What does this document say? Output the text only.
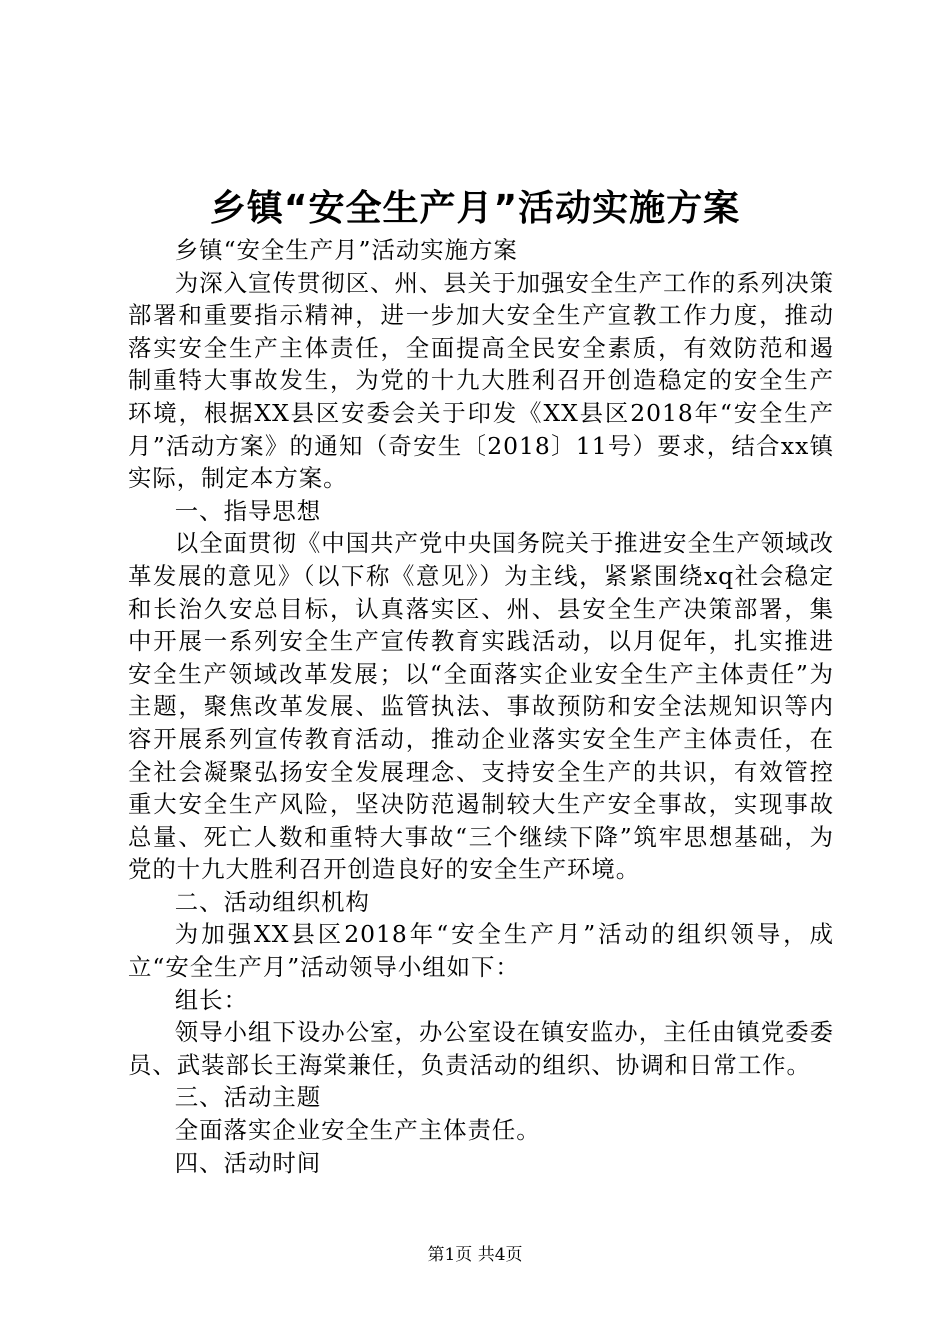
乡镇“安全生产月”活动实施方案

乡镇“安全生产月”活动实施方案

为深入宣传贯彻区、州、县关于加强安全生产工作的系列决策部署和重要指示精神，进一步加大安全生产宣教工作力度，推动落实安全生产主体责任，全面提高全民安全素质，有效防范和遏制重特大事故发生，为党的十九大胜利召开创造稳定的安全生产环境，根据XX县区安委会关于印发《XX县区2018年“安全生产月”活动方案》的通知（奇安生〔2018〕11号）要求，结合xx镇实际，制定本方案。

一、指导思想

以全面贯彻《中国共产党中央国务院关于推进安全生产领域改革发展的意见》（以下称《意见》）为主线，紧紧围绕xq社会稳定和长治久安总目标，认真落实区、州、县安全生产决策部署，集中开展一系列安全生产宣传教育实践活动，以月促年，扎实推进安全生产领域改革发展；以“全面落实企业安全生产主体责任”为主题，聚焦改革发展、监管执法、事故预防和安全法规知识等内容开展系列宣传教育活动，推动企业落实安全生产主体责任，在全社会凝聚弘扬安全发展理念、支持安全生产的共识，有效管控重大安全生产风险，坚决防范遏制较大生产安全事故，实现事故总量、死亡人数和重特大事故“三个继续下降”筑牢思想基础，为党的十九大胜利召开创造良好的安全生产环境。

二、活动组织机构

为加强XX县区2018年“安全生产月”活动的组织领导，成立“安全生产月”活动领导小组如下：

组长：

领导小组下设办公室，办公室设在镇安监办，主任由镇党委委员、武装部长王海棠兼任，负责活动的组织、协调和日常工作。

三、活动主题

全面落实企业安全生产主体责任。

四、活动时间

第1页 共4页
